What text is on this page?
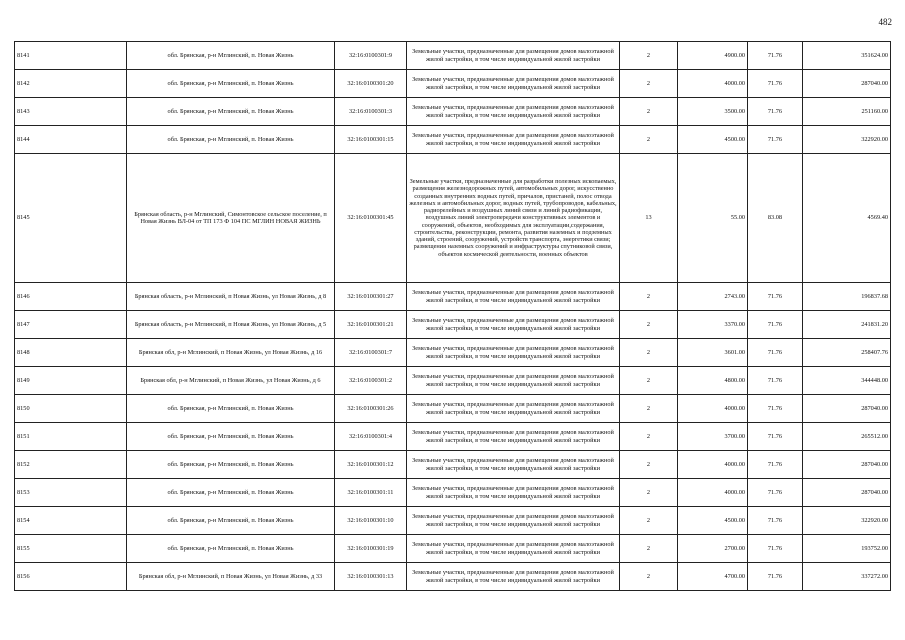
482
8141	обл. Брянская, р-н Мглинский, п. Новая Жизнь	32:16:0100301:9	Земельные участки, предназначенные для размещения домов малоэтажной жилой застройки, в том числе индивидуальной жилой застройки	2	4900.00	71.76	351624.00
8142	обл. Брянская, р-н Мглинский, п. Новая Жизнь	32:16:0100301:20	Земельные участки, предназначенные для размещения домов малоэтажной жилой застройки, в том числе индивидуальной жилой застройки	2	4000.00	71.76	287040.00
8143	обл. Брянская, р-н Мглинский, п. Новая Жизнь	32:16:0100301:3	Земельные участки, предназначенные для размещения домов малоэтажной жилой застройки, в том числе индивидуальной жилой застройки	2	3500.00	71.76	251160.00
8144	обл. Брянская, р-н Мглинский, п. Новая Жизнь	32:16:0100301:15	Земельные участки, предназначенные для размещения домов малоэтажной жилой застройки, в том числе индивидуальной жилой застройки	2	4500.00	71.76	322920.00
8145	Брянская область, р-н Мглинский, Симонтовское сельское поселение, п Новая Жизнь ВЛ-04 от ТП 173 Ф 104 ПС МГЛИН НОВАЯ ЖИЗНЬ	32:16:0100301:45	Земельные участки, предназначенные для разработки полезных ископаемых, размещения железнодорожных путей, автомобильных дорог, искусственно созданных внутренних водных путей, причалов, пристаней, полос отвода железных и автомобильных дорог, водных путей, трубопроводов, кабельных, радиорелейных и воздушных линий связи и линий радиофикации, воздушных линий электропередачи конструктивных элементов и сооружений, объектов, необходимых для эксплуатации,содержания, строительства, реконструкции, ремонта, развития наземных и подземных зданий, строений, сооружений, устройств транспорта, энергетики связи; размещения наземных сооружений и инфраструктуры спутниковой связи, объектов космической деятельности, военных объектов	13	55.00	83.08	4569.40
8146	Брянская область, р-н Мглинский, п Новая Жизнь, ул Новая Жизнь, д 8	32:16:0100301:27	Земельные участки, предназначенные для размещения домов малоэтажной жилой застройки, в том числе индивидуальной жилой застройки	2	2743.00	71.76	196837.68
8147	Брянская область, р-н Мглинский, п Новая Жизнь, ул Новая Жизнь, д 5	32:16:0100301:21	Земельные участки, предназначенные для размещения домов малоэтажной жилой застройки, в том числе индивидуальной жилой застройки	2	3370.00	71.76	241831.20
8148	Брянская обл, р-н Мглинский, п Новая Жизнь, ул Новая Жизнь, д 16	32:16:0100301:7	Земельные участки, предназначенные для размещения домов малоэтажной жилой застройки, в том числе индивидуальной жилой застройки	2	3601.00	71.76	258407.76
8149	Брянская обл, р-н Мглинский, п Новая Жизнь, ул Новая Жизнь, д 6	32:16:0100301:2	Земельные участки, предназначенные для размещения домов малоэтажной жилой застройки, в том числе индивидуальной жилой застройки	2	4800.00	71.76	344448.00
8150	обл. Брянская, р-н Мглинский, п. Новая Жизнь	32:16:0100301:26	Земельные участки, предназначенные для размещения домов малоэтажной жилой застройки, в том числе индивидуальной жилой застройки	2	4000.00	71.76	287040.00
8151	обл. Брянская, р-н Мглинский, п. Новая Жизнь	32:16:0100301:4	Земельные участки, предназначенные для размещения домов малоэтажной жилой застройки, в том числе индивидуальной жилой застройки	2	3700.00	71.76	265512.00
8152	обл. Брянская, р-н Мглинский, п. Новая Жизнь	32:16:0100301:12	Земельные участки, предназначенные для размещения домов малоэтажной жилой застройки, в том числе индивидуальной жилой застройки	2	4000.00	71.76	287040.00
8153	обл. Брянская, р-н Мглинский, п. Новая Жизнь	32:16:0100301:11	Земельные участки, предназначенные для размещения домов малоэтажной жилой застройки, в том числе индивидуальной жилой застройки	2	4000.00	71.76	287040.00
8154	обл. Брянская, р-н Мглинский, п. Новая Жизнь	32:16:0100301:10	Земельные участки, предназначенные для размещения домов малоэтажной жилой застройки, в том числе индивидуальной жилой застройки	2	4500.00	71.76	322920.00
8155	обл. Брянская, р-н Мглинский, п. Новая Жизнь	32:16:0100301:19	Земельные участки, предназначенные для размещения домов малоэтажной жилой застройки, в том числе индивидуальной жилой застройки	2	2700.00	71.76	193752.00
8156	Брянская обл, р-н Мглинский, п Новая Жизнь, ул Новая Жизнь, д 33	32:16:0100301:13	Земельные участки, предназначенные для размещения домов малоэтажной жилой застройки, в том числе индивидуальной жилой застройки	2	4700.00	71.76	337272.00
